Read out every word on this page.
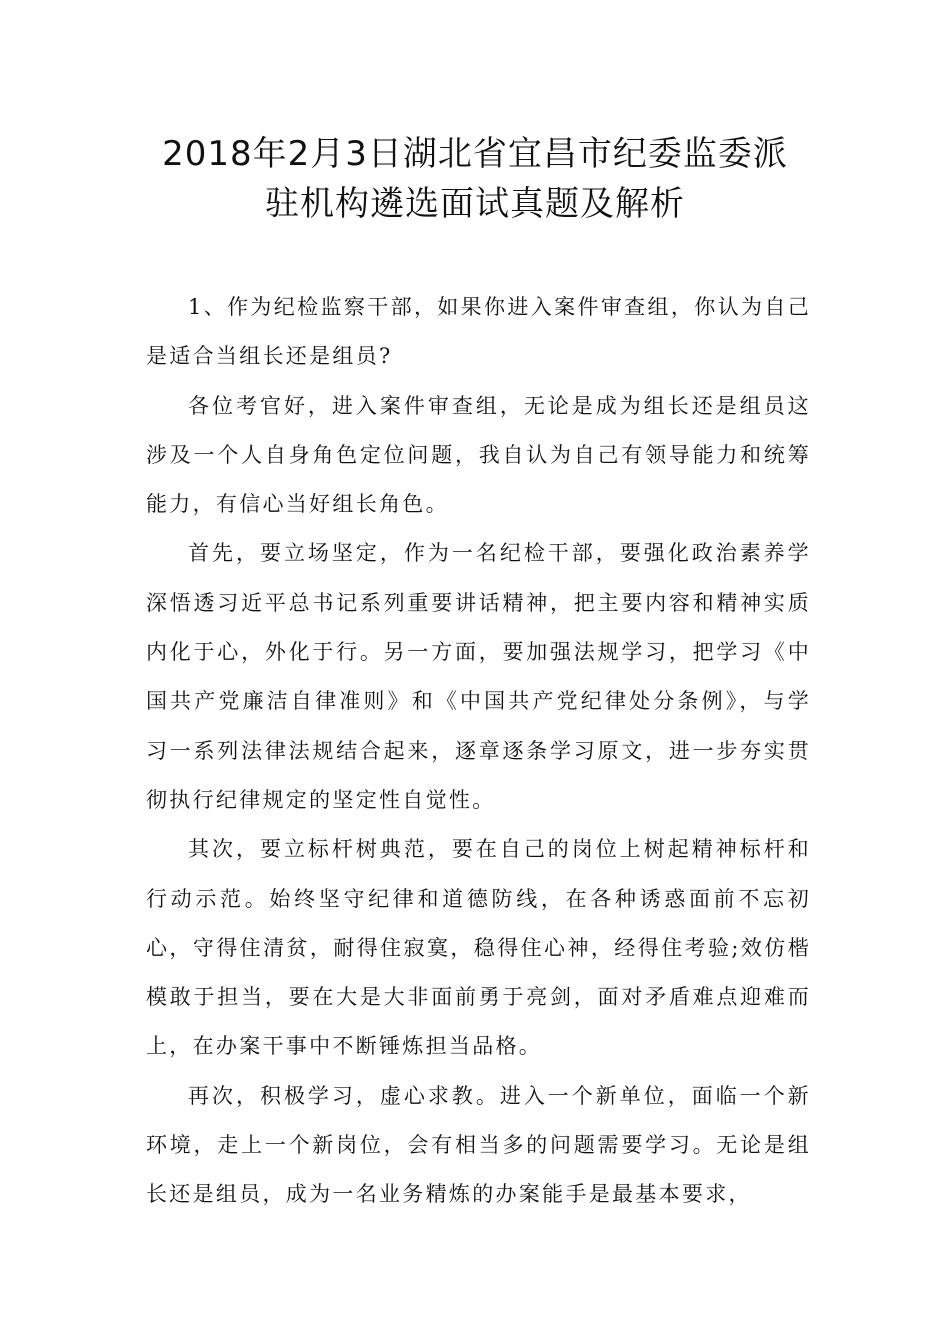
2018年2月3日湖北省宜昌市纪委监委派
驻机构遴选面试真题及解析

1、作为纪检监察干部，如果你进入案件审查组，你认为自己是适合当组长还是组员?

各位考官好，进入案件审查组，无论是成为组长还是组员这涉及一个人自身角色定位问题，我自认为自己有领导能力和统筹能力，有信心当好组长角色。

首先，要立场坚定，作为一名纪检干部，要强化政治素养学深悟透习近平总书记系列重要讲话精神，把主要内容和精神实质内化于心，外化于行。另一方面，要加强法规学习，把学习《中国共产党廉洁自律准则》和《中国共产党纪律处分条例》，与学习一系列法律法规结合起来，逐章逐条学习原文，进一步夯实贯彻执行纪律规定的坚定性自觉性。

其次，要立标杆树典范，要在自己的岗位上树起精神标杆和行动示范。始终坚守纪律和道德防线，在各种诱惑面前不忘初心，守得住清贫，耐得住寂寞，稳得住心神，经得住考验;效仿楷模敢于担当，要在大是大非面前勇于亮剑，面对矛盾难点迎难而上，在办案干事中不断锤炼担当品格。

再次，积极学习，虚心求教。进入一个新单位，面临一个新环境，走上一个新岗位，会有相当多的问题需要学习。无论是组长还是组员，成为一名业务精炼的办案能手是最基本要求，
